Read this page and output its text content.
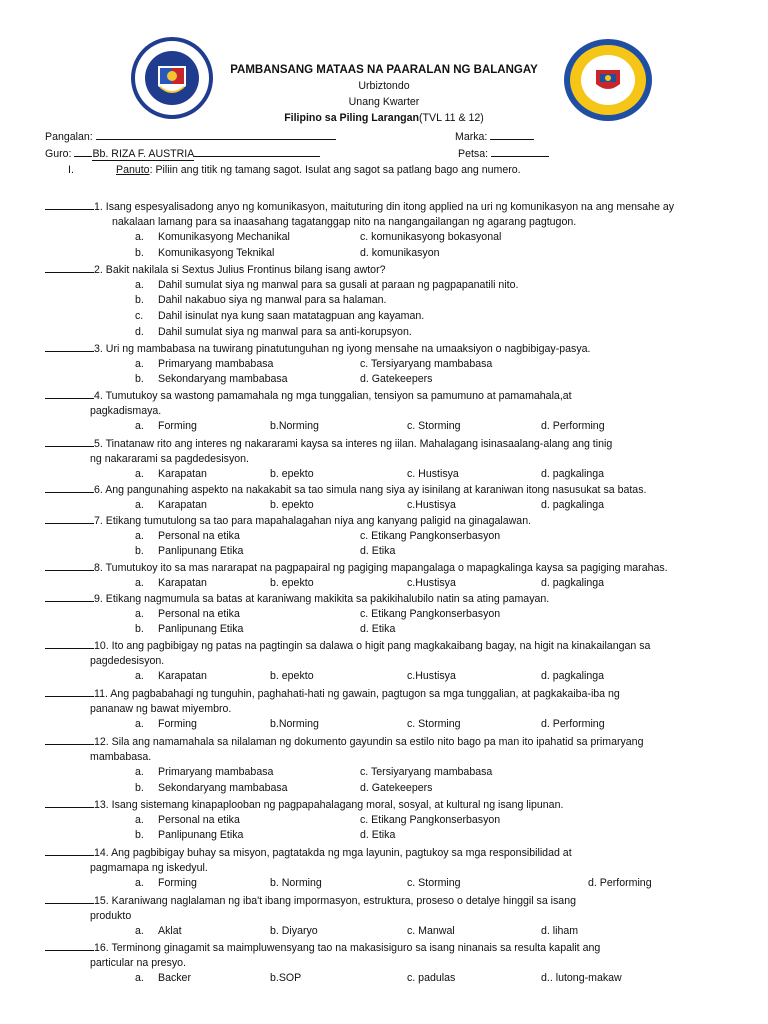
PAMBANSANG MATAAS NA PAARALAN NG BALANGAY
Urbiztondo
Unang Kwarter
Filipino sa Piling Larangan(TVL 11 & 12)
Pangalan:	Marka:
Guro: Bb. RIZA F. AUSTRIA	Petsa:
I.	Panuto: Piliin ang titik ng tamang sagot. Isulat ang sagot sa patlang bago ang numero.
1. Isang espesyalisadong anyo ng komunikasyon, maituturing din itong applied na uri ng komunikasyon na ang mensahe ay
nakalaan lamang para sa inaasahang tagatanggap nito na nangangailangan ng agarang pagtugon.
a. Komunikasyong Mechanikal	c. komunikasyong bokasyonal
b. Komunikasyong Teknikal	d. komunikasyon
2. Bakit nakilala si Sextus Julius Frontinus bilang isang awtor?
a. Dahil sumulat siya ng manwal para sa gusali at paraan ng pagpapanatili nito.
b. Dahil nakabuo siya ng manwal para sa halaman.
c. Dahil isinulat nya kung saan matatagpuan ang kayaman.
d. Dahil sumulat siya ng manwal para sa anti-korupsyon.
3. Uri ng mambabasa na tuwirang pinatutunguhan ng iyong mensahe na umaaksiyon o nagbibigay-pasya.
a. Primaryang mambabasa	c. Tersiyaryang mambabasa
b. Sekondaryang mambabasa	d. Gatekeepers
4. Tumutukoy sa wastong pamamahala ng mga tunggalian, tensiyon sa pamumuno at pamamahala,at
pagkadismaya.
a. Forming	b.Norming	c. Storming	d. Performing
5. Tinatanaw rito ang interes ng nakararami kaysa sa interes ng iilan. Mahalagang isinasaalang-alang ang tinig
ng nakararami sa pagdedesisyon.
a. Karapatan	b. epekto	c. Hustisya	d. pagkalinga
6. Ang pangunahing aspekto na nakakabit sa tao simula nang siya ay isinilang at karaniwan itong nasusukat sa batas.
a. Karapatan	b. epekto	c.Hustisya	d. pagkalinga
7. Etikang tumutulong sa tao para mapahalagahan niya ang kanyang paligid na ginagalawan.
a. Personal na etika	c. Etikang Pangkonserbasyon
b. Panlipunang Etika	d. Etika
8. Tumutukoy ito sa mas nararapat na pagpapairal ng pagiging mapangalaga o mapagkalinga kaysa sa pagiging marahas.
a. Karapatan	b. epekto	c.Hustisya	d. pagkalinga
9. Etikang nagmumula sa batas at karaniwang makikita sa pakikihalubilo natin sa ating pamayan.
a. Personal na etika	c. Etikang Pangkonserbasyon
b. Panlipunang Etika	d. Etika
10. Ito ang pagbibigay ng patas na pagtingin sa dalawa o higit pang magkakaibang bagay, na higit na kinakailangan sa
pagdedesisyon.
a. Karapatan	b. epekto	c.Hustisya	d. pagkalinga
11. Ang pagbabahagi ng tunguhin, paghahati-hati ng gawain, pagtugon sa mga tunggalian, at pagkakaiba-iba ng
pananaw ng bawat miyembro.
a. Forming	b.Norming	c. Storming	d. Performing
12. Sila ang namamahala sa nilalaman ng dokumento gayundin sa estilo nito bago pa man ito ipahatid sa primaryang
mambabasa.
a. Primaryang mambabasa	c. Tersiyaryang mambabasa
b. Sekondaryang mambabasa	d. Gatekeepers
13. Isang sistemang kinapaplooban ng pagpapahalagang moral, sosyal, at kultural ng isang lipunan.
a. Personal na etika	c. Etikang Pangkonserbasyon
b. Panlipunang Etika	d. Etika
14. Ang pagbibigay buhay sa misyon, pagtatakda ng mga layunin, pagtukoy sa mga responsibilidad at
pagmamapa ng iskedyul.
a. Forming	b. Norming	c. Storming	d. Performing
15. Karaniwang naglalaman ng iba't ibang impormasyon, estruktura, proseso o detalye hinggil sa isang
produkto
a. Aklat	b. Diyaryo	c. Manwal	d. liham
16. Terminong ginagamit sa maimpluwensyang tao na makasisiguro sa isang ninanais sa resulta kapalit ang
particular na presyo.
a. Backer	b.SOP	c. padulas	d.. lutong-makaw
